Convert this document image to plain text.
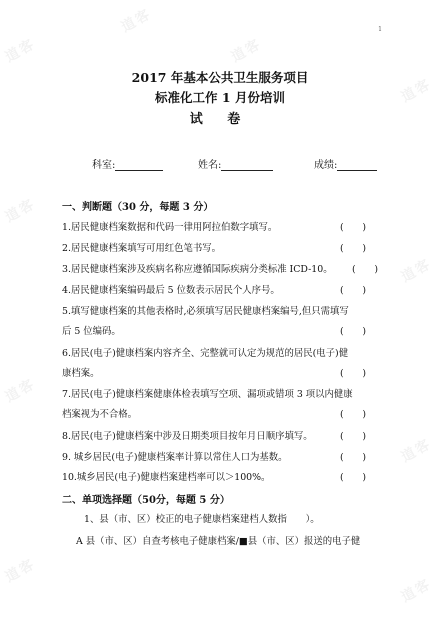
1
2017 年基本公共卫生服务项目
标准化工作 1 月份培训
试 卷
科室:	姓名:	成绩:
一、判断题（30 分，每题 3 分）
1.居民健康档案数据和代码一律用阿拉伯数字填写。	(　　)
2.居民健康档案填写可用红色笔书写。	(　　)
3.居民健康档案涉及疾病名称应遵循国际疾病分类标准 ICD-10。 (　　)
4.居民健康档案编码最后 5 位数表示居民个人序号。	(　　)
5.填写健康档案的其他表格时,必须填写居民健康档案编号,但只需填写
后 5 位编码。	(　　)
6.居民(电子)健康档案内容齐全、完整就可认定为规范的居民(电子)健
康档案。	(　　)
7.居民(电子)健康档案健康体检表填写空项、漏项或错项 3 项以内健康
档案视为不合格。	(　　)
8.居民(电子)健康档案中涉及日期类项目按年月日顺序填写。	(　　)
9. 城乡居民(电子)健康档案率计算以常住人口为基数。	(　　)
10.城乡居民(电子)健康档案建档率可以＞100%。	(　　)
二、单项选择题（50分，每题 5 分）
1、县（市、区）校正的电子健康档案建档人数指　　）。
A 县（市、区）自查考核电子健康档案/■县（市、区）报送的电子健
道客
道客
道客
道客
道客
道客
道客
道客
道客
道客
